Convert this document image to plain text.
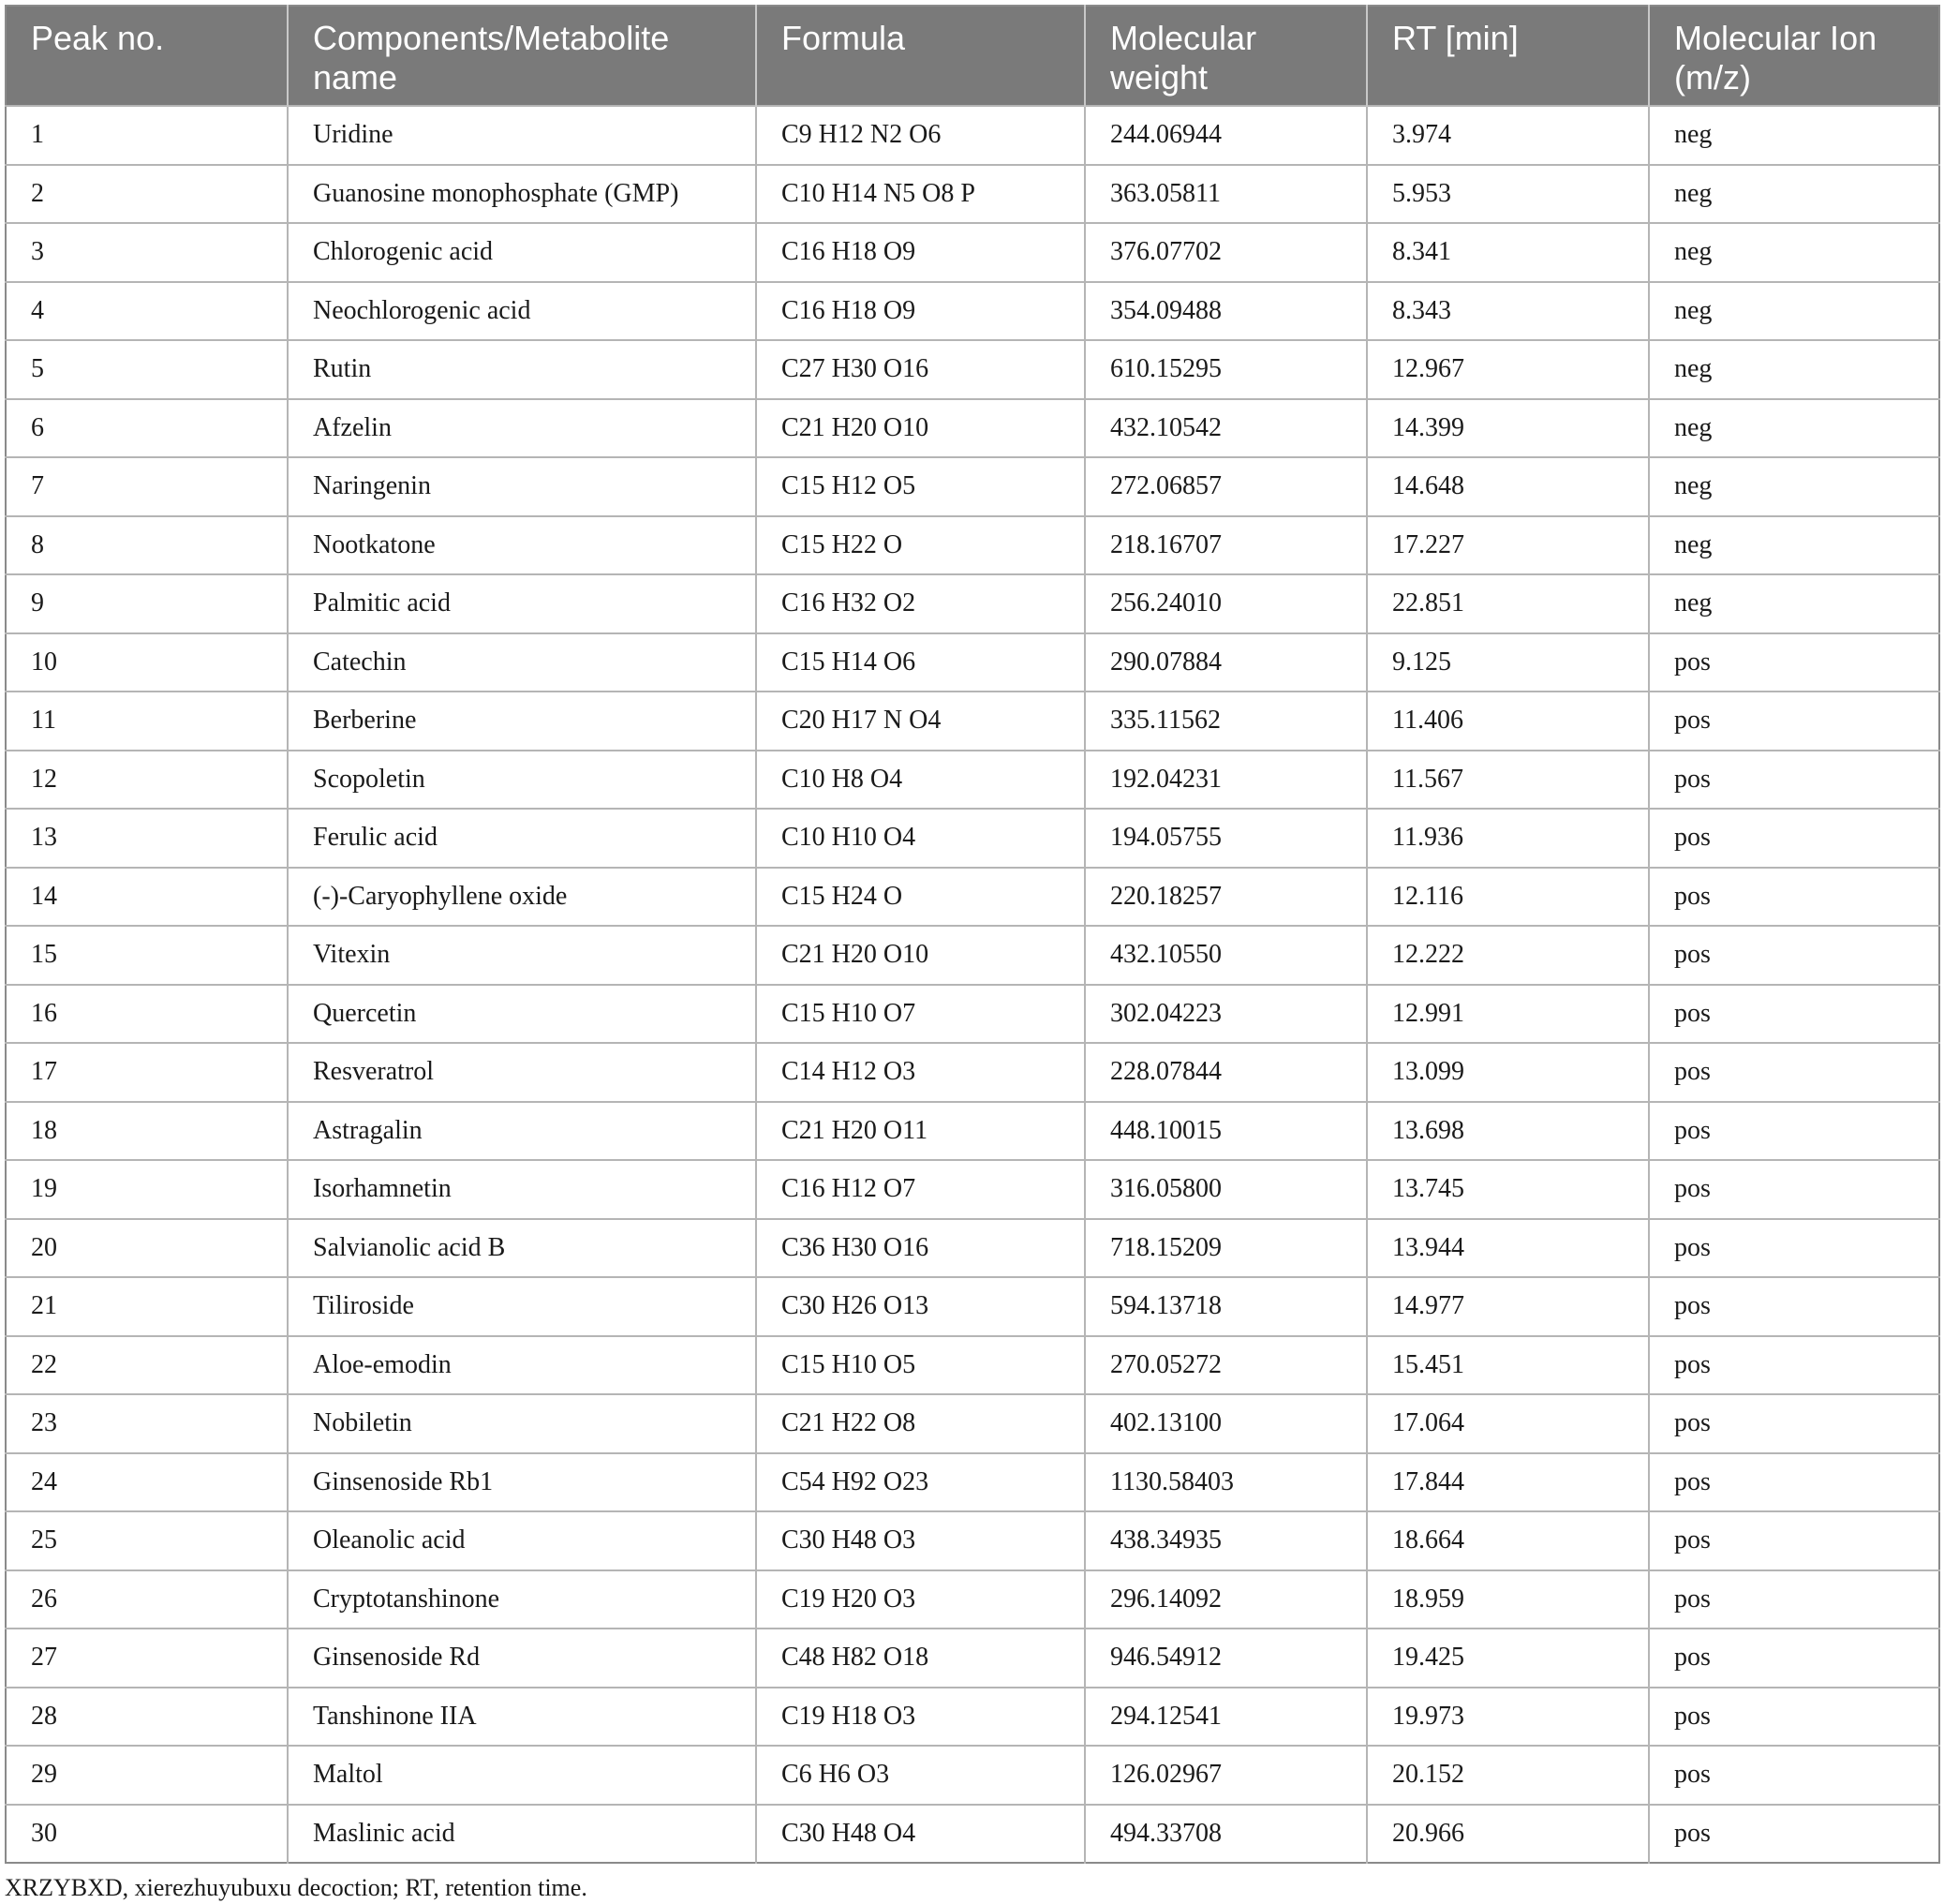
Peak no.	Components/Metabolite name	Formula	Molecular weight	RT [min]	Molecular Ion (m/z)
1	Uridine	C9 H12 N2 O6	244.06944	3.974	neg
2	Guanosine monophosphate (GMP)	C10 H14 N5 O8 P	363.05811	5.953	neg
3	Chlorogenic acid	C16 H18 O9	376.07702	8.341	neg
4	Neochlorogenic acid	C16 H18 O9	354.09488	8.343	neg
5	Rutin	C27 H30 O16	610.15295	12.967	neg
6	Afzelin	C21 H20 O10	432.10542	14.399	neg
7	Naringenin	C15 H12 O5	272.06857	14.648	neg
8	Nootkatone	C15 H22 O	218.16707	17.227	neg
9	Palmitic acid	C16 H32 O2	256.24010	22.851	neg
10	Catechin	C15 H14 O6	290.07884	9.125	pos
11	Berberine	C20 H17 N O4	335.11562	11.406	pos
12	Scopoletin	C10 H8 O4	192.04231	11.567	pos
13	Ferulic acid	C10 H10 O4	194.05755	11.936	pos
14	(-)-Caryophyllene oxide	C15 H24 O	220.18257	12.116	pos
15	Vitexin	C21 H20 O10	432.10550	12.222	pos
16	Quercetin	C15 H10 O7	302.04223	12.991	pos
17	Resveratrol	C14 H12 O3	228.07844	13.099	pos
18	Astragalin	C21 H20 O11	448.10015	13.698	pos
19	Isorhamnetin	C16 H12 O7	316.05800	13.745	pos
20	Salvianolic acid B	C36 H30 O16	718.15209	13.944	pos
21	Tiliroside	C30 H26 O13	594.13718	14.977	pos
22	Aloe-emodin	C15 H10 O5	270.05272	15.451	pos
23	Nobiletin	C21 H22 O8	402.13100	17.064	pos
24	Ginsenoside Rb1	C54 H92 O23	1130.58403	17.844	pos
25	Oleanolic acid	C30 H48 O3	438.34935	18.664	pos
26	Cryptotanshinone	C19 H20 O3	296.14092	18.959	pos
27	Ginsenoside Rd	C48 H82 O18	946.54912	19.425	pos
28	Tanshinone IIA	C19 H18 O3	294.12541	19.973	pos
29	Maltol	C6 H6 O3	126.02967	20.152	pos
30	Maslinic acid	C30 H48 O4	494.33708	20.966	pos
XRZYBXD, xierezhuyubuxu decoction; RT, retention time.
